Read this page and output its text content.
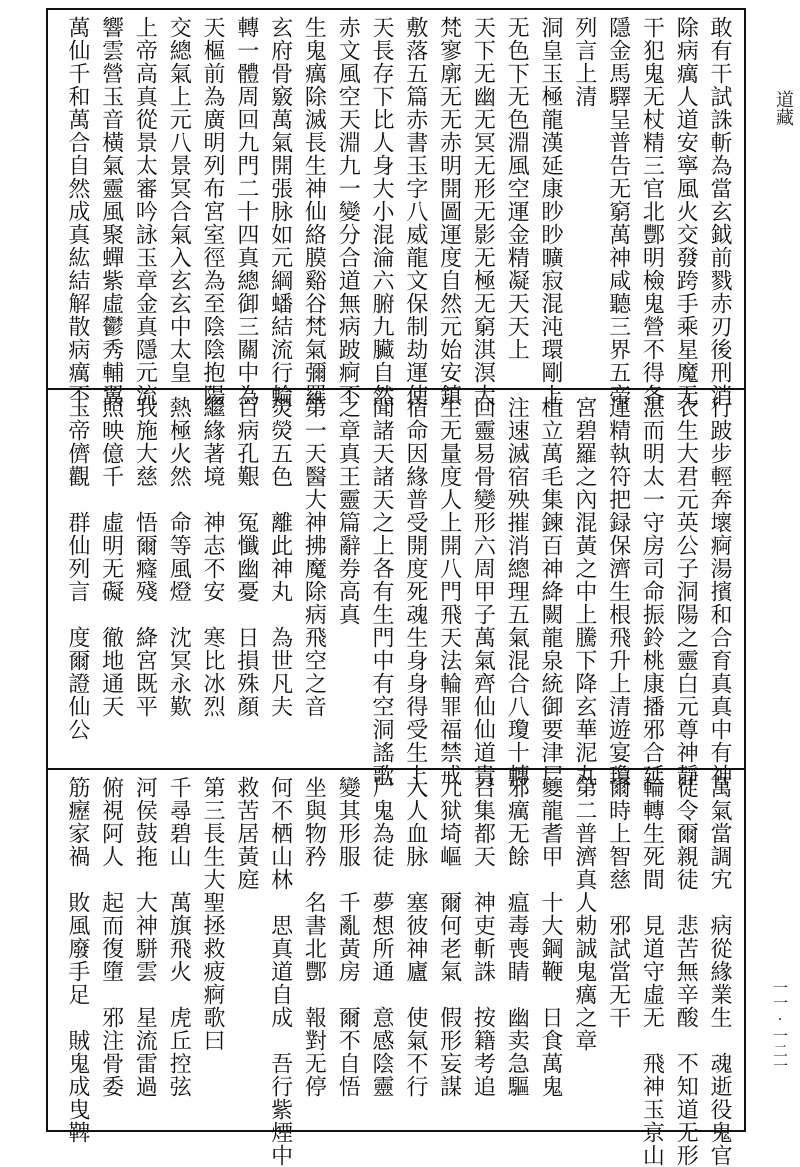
敢有干試誅斬為當玄鉞前戮赤刃後刑消
除病癘人道安寧風火交發跨手乘星魔无
干犯鬼无杖精三官北酆明檢鬼營不得各
隱金馬驛呈普告无窮萬神咸聽三界五帝
列言上清
洞皇玉極龍漢延康眇眇曠寂混沌環剛上
无色下无色淵風空運金精凝天天上
天下无幽无冥无形无影无極无窮淇溟大
梵寥廓无无赤明開圖運度自然元始安鎮
敷落五篇赤書玉字八威龍文保制劫運使
天長存下比人身大小混淪六腑九臟自然
赤文風空天淵九一變分合道無病跛痾不
生鬼癘除滅長生神仙絡膜谿谷梵氣彌羅
玄府骨竅萬氣開張脉如元綱蟠結流行輪
轉一體周回九門二十四真總御三關中為
天樞前為廣明列布宮室徑為至陰陰抱陽
交總氣上元八景冥合氣入玄玄中太皇
上帝高真從景太審吟詠玉章金真隱元流
響雲營玉音橫氣靈風聚蟬紫虛鬱秀輔翼
萬仙千和萬合自然成真紘結解散病癘不
行跛步輕奔壞痾湯擯和合育真真中有神
衣生大君元英公子洞陽之靈白元尊神靜
湛而明太一守房司命振鈴桃康播邪合延
運精執符把録保濟生根飛升上清遊宴瓊
宮碧羅之內混黃之中上騰下降玄華泥丸
植立萬毛集鍊百神絳闕龍泉統御要津尸
注速滅宿殃摧消總理五氣混合八瓊十轉
回靈易骨變形六周甲子萬氣齊仙仙道貴
生无量度人上開八門飛天法輪罪福禁戒
宿命因緣普受開度死魂生身身得受生上
聞諸天諸天之上各有生門中有空洞謠歌
之章真王靈篇辭券高真
第一天醫大神拂魔除病飛空之音
熒熒五色　離此神丸　為世凡夫
百病孔艱　冤懺幽憂　日損殊顏
繼緣著境　神志不安　寒比冰烈
熱極火然　命等風燈　沈冥永歎
我施大慈　悟爾癃殘　絳宮既平
照映億千　虛明无礙　徹地通天
玉帝儕觀　群仙列言　度爾證仙公
萬氣當調宄　病從緣業生　魂逝役鬼官
徒令爾親徒　悲苦無辛酸　不知道无形
輪轉生死間　見道守虛无　飛神玉京山
爾時上智慈　邪試當无干
第二普濟真人勅誠鬼癘之章
夔龍耆甲　十大鋼鞭　日食萬鬼
邪癘无餘　瘟毒喪睛　幽卖急驅
召集都天　神吏斬誅　按籍考追
九狱埼嶇　爾何老氣　假形妄謀
入人血脉　塞彼神廬　使氣不行
尸鬼為徒　夢想所通　意感陰靈
變其形服　千亂黃房　爾不自悟
坐與物矜　名書北酆　報對无停
何不栖山林　思真道自成　吾行紫煙中
救苦居黃庭
第三長生大聖拯救疲痾歌曰
千尋碧山　萬旗飛火　虎丘控弦
河侯鼓拖　大神駢雲　星流雷過
俯視阿人　起而復墮　邪注骨委
筋癧家禍　敗風廢手足　賊鬼成曳鞞
道藏
一一·一二一
